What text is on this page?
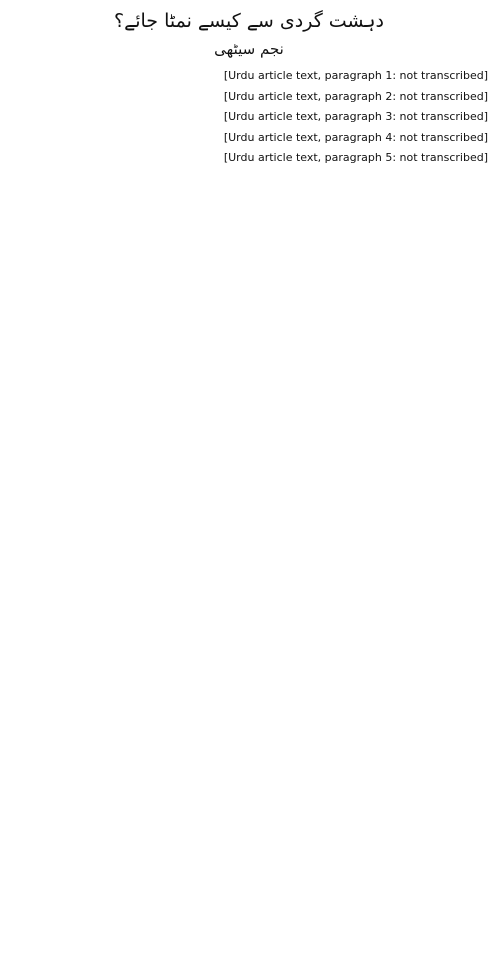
دہشت گردی سے کیسے نمٹا جائے؟
نجم سیٹھی

[Urdu article text, paragraph 1: not transcribed]

[Urdu article text, paragraph 2: not transcribed]

[Urdu article text, paragraph 3: not transcribed]

[Urdu article text, paragraph 4: not transcribed]

[Urdu article text, paragraph 5: not transcribed]
